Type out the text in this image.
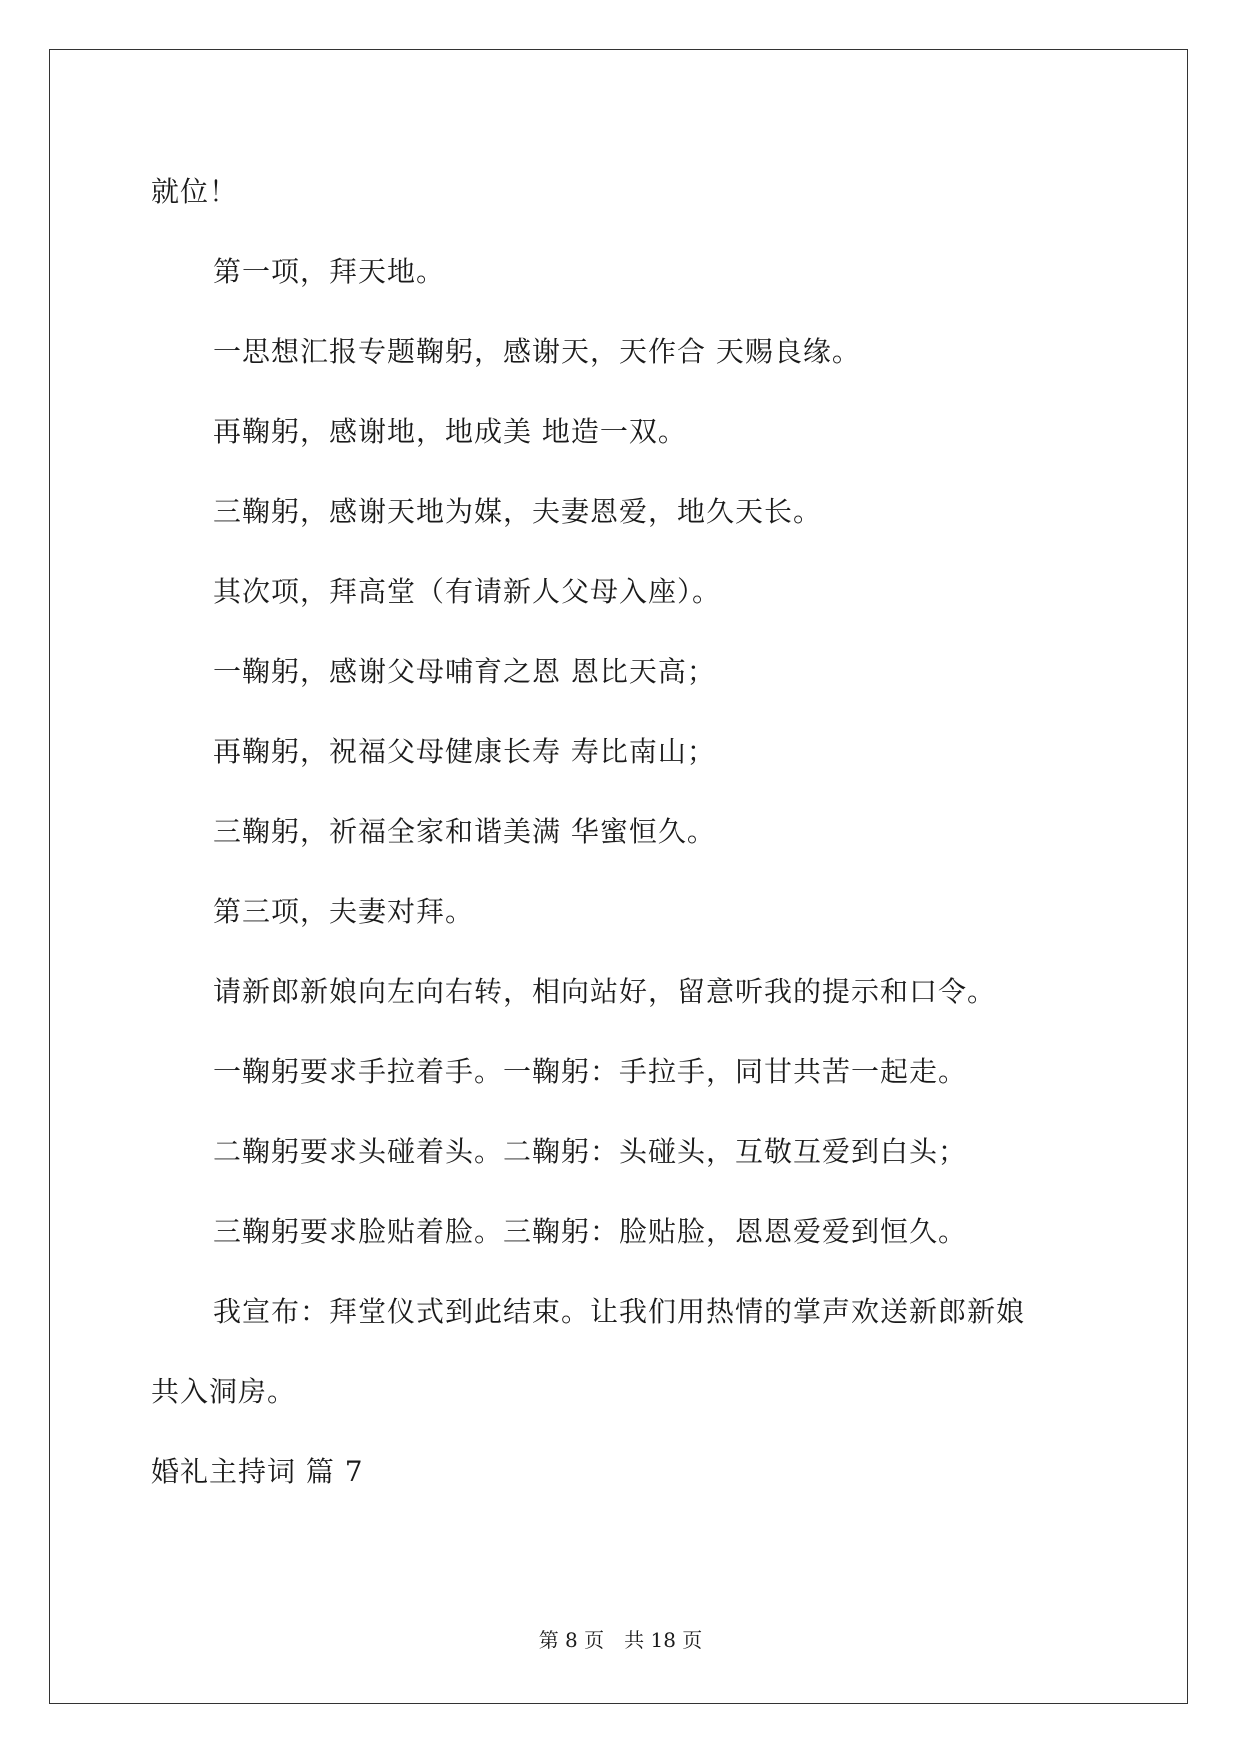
就位！
第一项，拜天地。
一思想汇报专题鞠躬，感谢天，天作合 天赐良缘。
再鞠躬，感谢地，地成美 地造一双。
三鞠躬，感谢天地为媒，夫妻恩爱，地久天长。
其次项，拜高堂（有请新人父母入座）。
一鞠躬，感谢父母哺育之恩 恩比天高；
再鞠躬，祝福父母健康长寿 寿比南山；
三鞠躬，祈福全家和谐美满 华蜜恒久。
第三项，夫妻对拜。
请新郎新娘向左向右转，相向站好，留意听我的提示和口令。
一鞠躬要求手拉着手。一鞠躬：手拉手，同甘共苦一起走。
二鞠躬要求头碰着头。二鞠躬：头碰头，互敬互爱到白头；
三鞠躬要求脸贴着脸。三鞠躬：脸贴脸，恩恩爱爱到恒久。
我宣布：拜堂仪式到此结束。让我们用热情的掌声欢送新郎新娘
共入洞房。
婚礼主持词 篇 7
第 8 页　共 18 页
